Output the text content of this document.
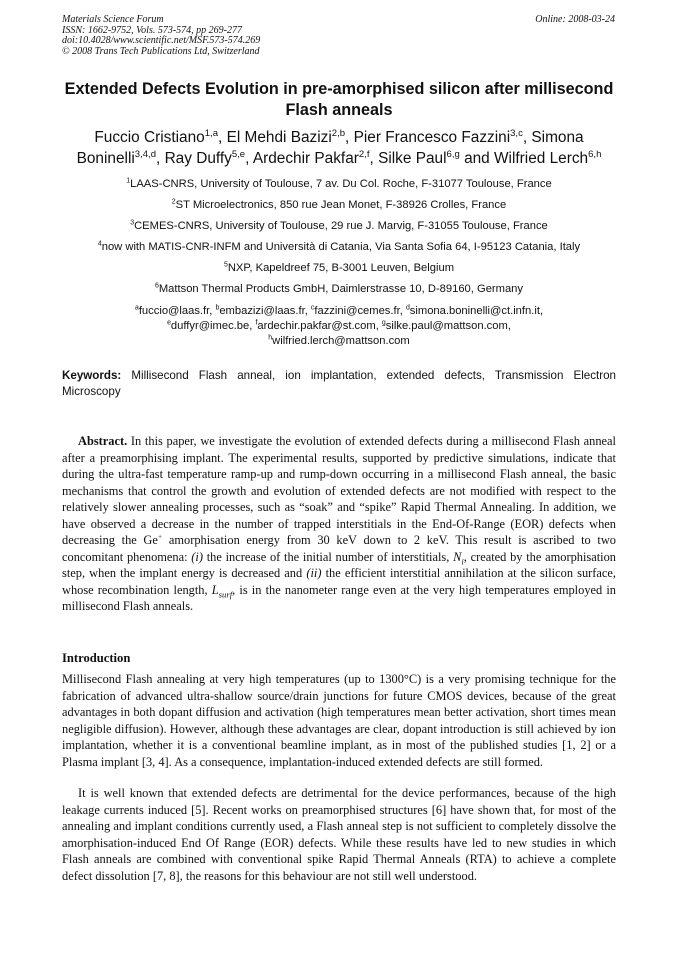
Materials Science Forum
ISSN: 1662-9752, Vols. 573-574, pp 269-277
doi:10.4028/www.scientific.net/MSF.573-574.269
© 2008 Trans Tech Publications Ltd, Switzerland
Online: 2008-03-24
Extended Defects Evolution in pre-amorphised silicon after millisecond Flash anneals
Fuccio Cristiano$^{1,a}$, El Mehdi Bazizi$^{2,b}$, Pier Francesco Fazzini$^{3,c}$, Simona Boninelli$^{3,4,d}$, Ray Duffy$^{5,e}$, Ardechir Pakfar$^{2,f}$, Silke Paul$^{6,g}$ and Wilfried Lerch$^{6,h}$
$^1$LAAS-CNRS, University of Toulouse, 7 av. Du Col. Roche, F-31077 Toulouse, France
$^2$ST Microelectronics, 850 rue Jean Monet, F-38926 Crolles, France
$^3$CEMES-CNRS, University of Toulouse, 29 rue J. Marvig, F-31055 Toulouse, France
$^4$now with MATIS-CNR-INFM and Università di Catania, Via Santa Sofia 64, I-95123 Catania, Italy
$^5$NXP, Kapeldreef 75, B-3001 Leuven, Belgium
$^6$Mattson Thermal Products GmbH, Daimlerstrasse 10, D-89160, Germany
$^a$fuccio@laas.fr, $^b$embazizi@laas.fr, $^c$fazzini@cemes.fr, $^d$simona.boninelli@ct.infn.it,
$^e$duffyr@imec.be, $^f$ardechir.pakfar@st.com, $^g$silke.paul@mattson.com,
$^h$wilfried.lerch@mattson.com
Keywords: Millisecond Flash anneal, ion implantation, extended defects, Transmission Electron Microscopy
Abstract. In this paper, we investigate the evolution of extended defects during a millisecond Flash anneal after a preamorphising implant. The experimental results, supported by predictive simulations, indicate that during the ultra-fast temperature ramp-up and rump-down occurring in a millisecond Flash anneal, the basic mechanisms that control the growth and evolution of extended defects are not modified with respect to the relatively slower annealing processes, such as “soak” and “spike” Rapid Thermal Annealing. In addition, we have observed a decrease in the number of trapped interstitials in the End-Of-Range (EOR) defects when decreasing the Ge+ amorphisation energy from 30 keV down to 2 keV. This result is ascribed to two concomitant phenomena: (i) the increase of the initial number of interstitials, $N_i$, created by the amorphisation step, when the implant energy is decreased and (ii) the efficient interstitial annihilation at the silicon surface, whose recombination length, $L_{surf}$, is in the nanometer range even at the very high temperatures employed in millisecond Flash anneals.
Introduction
Millisecond Flash annealing at very high temperatures (up to 1300°C) is a very promising technique for the fabrication of advanced ultra-shallow source/drain junctions for future CMOS devices, because of the great advantages in both dopant diffusion and activation (high temperatures mean better activation, short times mean negligible diffusion). However, although these advantages are clear, dopant introduction is still achieved by ion implantation, whether it is a conventional beamline implant, as in most of the published studies [1, 2] or a Plasma implant [3, 4]. As a consequence, implantation-induced extended defects are still formed.
It is well known that extended defects are detrimental for the device performances, because of the high leakage currents induced [5]. Recent works on preamorphised structures [6] have shown that, for most of the annealing and implant conditions currently used, a Flash anneal step is not sufficient to completely dissolve the amorphisation-induced End Of Range (EOR) defects. While these results have led to new studies in which Flash anneals are combined with conventional spike Rapid Thermal Anneals (RTA) to achieve a complete defect dissolution [7, 8], the reasons for this behaviour are not still well understood.
